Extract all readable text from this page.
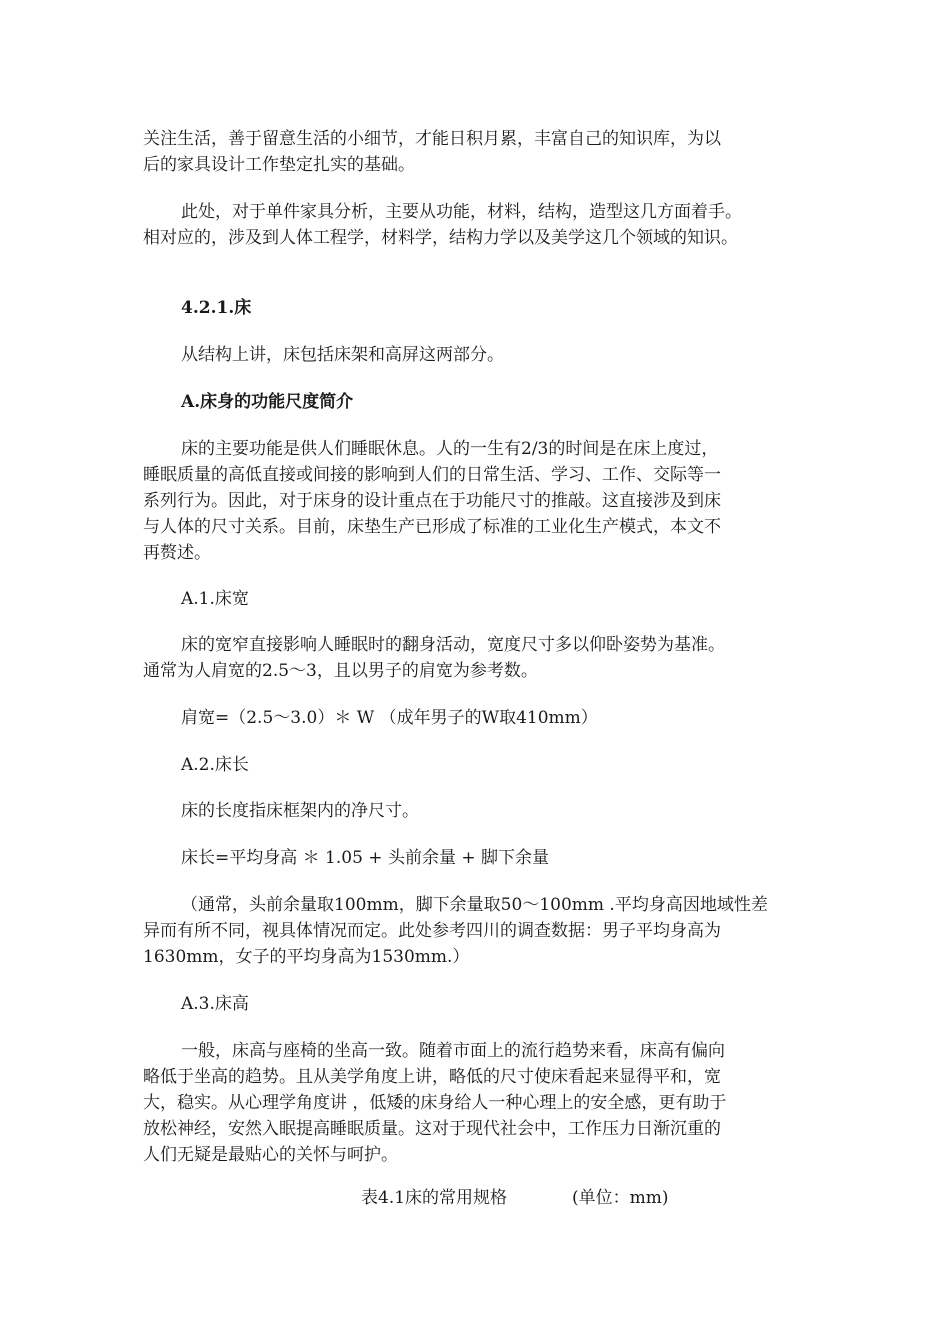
关注生活，善于留意生活的小细节，才能日积月累，丰富自己的知识库，为以
后的家具设计工作垫定扎实的基础。
此处，对于单件家具分析，主要从功能，材料，结构，造型这几方面着手。
相对应的，涉及到人体工程学，材料学，结构力学以及美学这几个领域的知识。
4.2.1.床
从结构上讲，床包括床架和高屏这两部分。
A.床身的功能尺度简介
床的主要功能是供人们睡眠休息。人的一生有2/3的时间是在床上度过，
睡眠质量的高低直接或间接的影响到人们的日常生活、学习、工作、交际等一
系列行为。因此，对于床身的设计重点在于功能尺寸的推敲。这直接涉及到床
与人体的尺寸关系。目前，床垫生产已形成了标准的工业化生产模式，本文不
再赘述。
A.1.床宽
床的宽窄直接影响人睡眠时的翻身活动，宽度尺寸多以仰卧姿势为基准。
通常为人肩宽的2.5～3，且以男子的肩宽为参考数。
肩宽=（2.5～3.0）＊ W （成年男子的W取410mm）
A.2.床长
床的长度指床框架内的净尺寸。
床长=平均身高 ＊ 1.05 + 头前余量 + 脚下余量
（通常，头前余量取100mm，脚下余量取50～100mm .平均身高因地域性差
异而有所不同，视具体情况而定。此处参考四川的调查数据：男子平均身高为
1630mm，女子的平均身高为1530mm.）
A.3.床高
一般，床高与座椅的坐高一致。随着市面上的流行趋势来看，床高有偏向
略低于坐高的趋势。且从美学角度上讲，略低的尺寸使床看起来显得平和，宽
大，稳实。从心理学角度讲 ，低矮的床身给人一种心理上的安全感，更有助于
放松神经，安然入眠提高睡眠质量。这对于现代社会中，工作压力日渐沉重的
人们无疑是最贴心的关怀与呵护。
表4.1床的常用规格	(单位：mm)
